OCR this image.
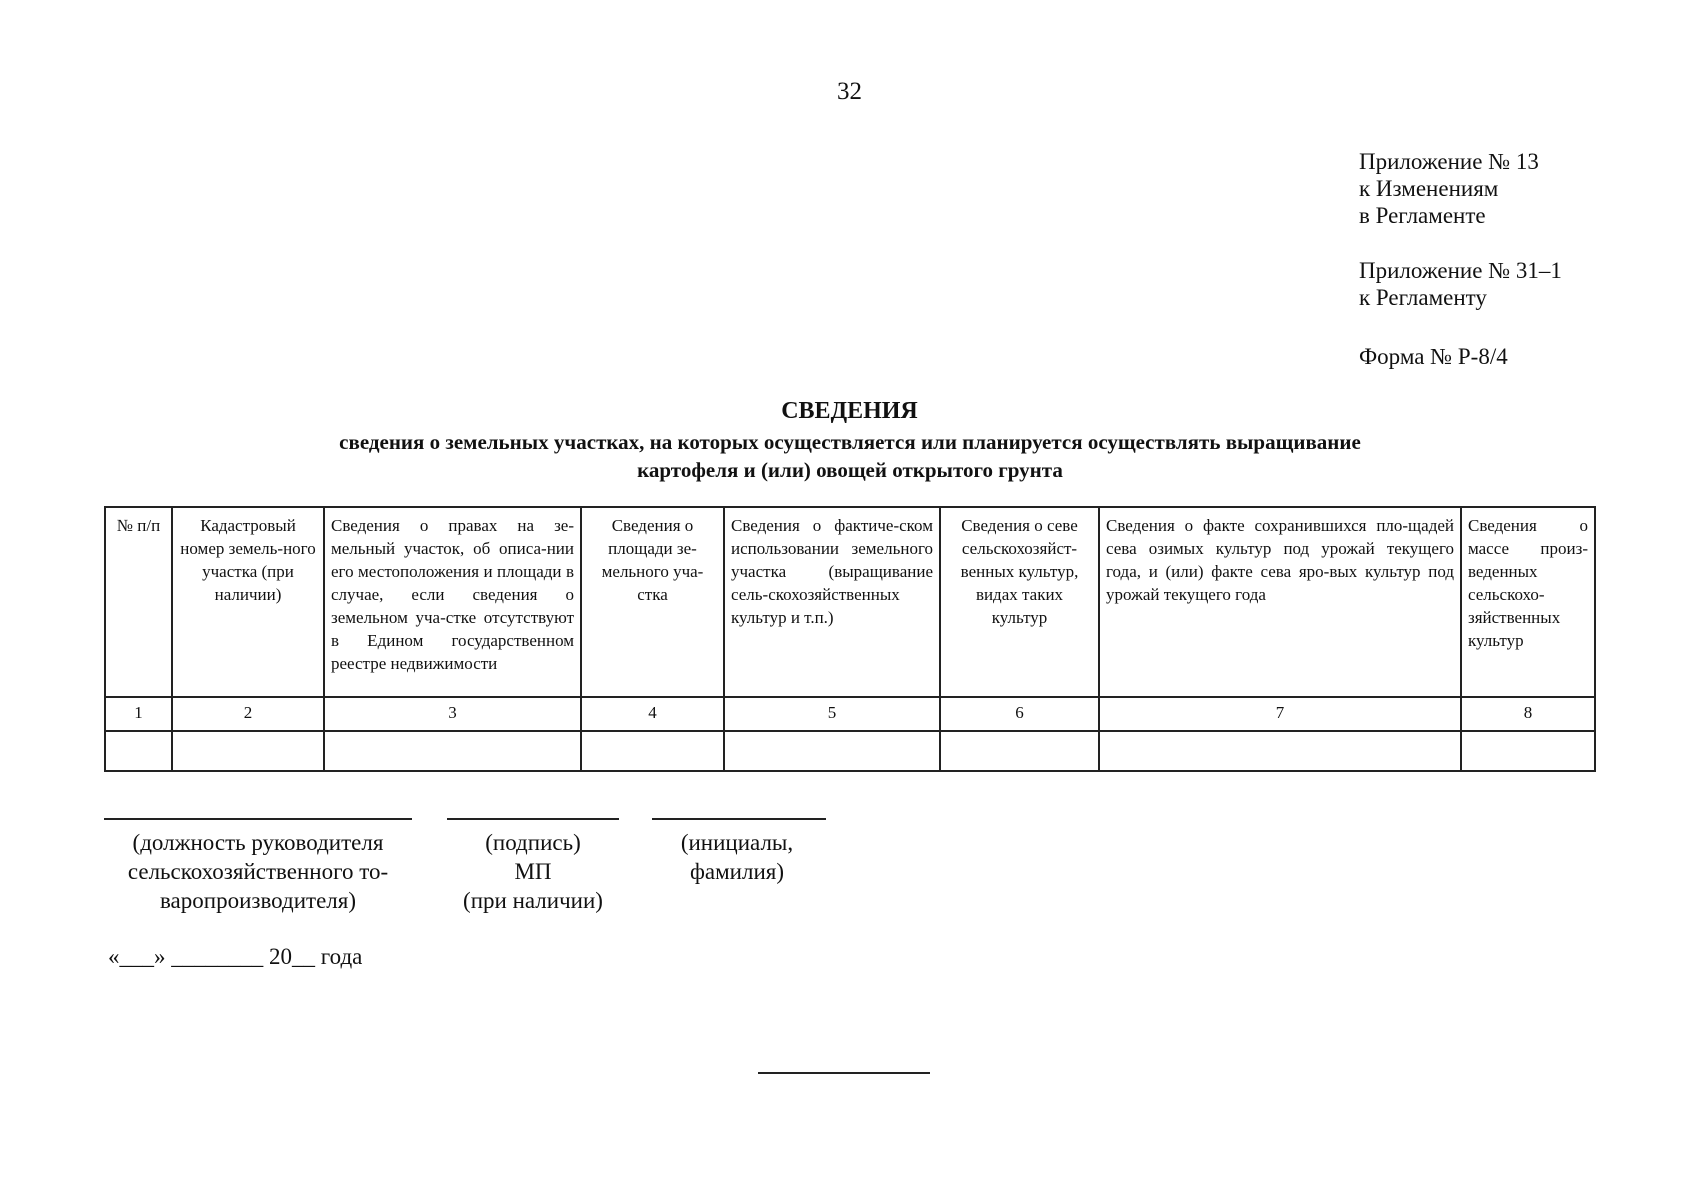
32
Приложение № 13
к Изменениям
в Регламенте
Приложение № 31–1
к Регламенту
Форма № Р-8/4
СВЕДЕНИЯ
сведения о земельных участках, на которых осуществляется или планируется осуществлять выращивание
картофеля и (или) овощей открытого грунта
№ п/п	Кадастровый номер земель-ного участка (при наличии)	Сведения о правах на зе-мельный участок, об описа-нии его местоположения и площади в случае, если сведения о земельном уча-стке отсутствуют в Едином государственном реестре недвижимости	Сведения о площади зе-мельного уча-стка	Сведения о фактиче-ском использовании земельного участка (выращивание сель-скохозяйственных культур и т.п.)	Сведения о севе сельскохозяйст-венных культур, видах таких культур	Сведения о факте сохранившихся пло-щадей сева озимых культур под урожай текущего года, и (или) факте сева яро-вых культур под урожай текущего года	Сведения о массе произ-веденных сельскохо-зяйственных культур
1	2	3	4	5	6	7	8

(должность руководителя сельскохозяйственного то-варопроизводителя)
(подпись)
МП
(при наличии)
(инициалы, фамилия)
«___» ________ 20__ года
